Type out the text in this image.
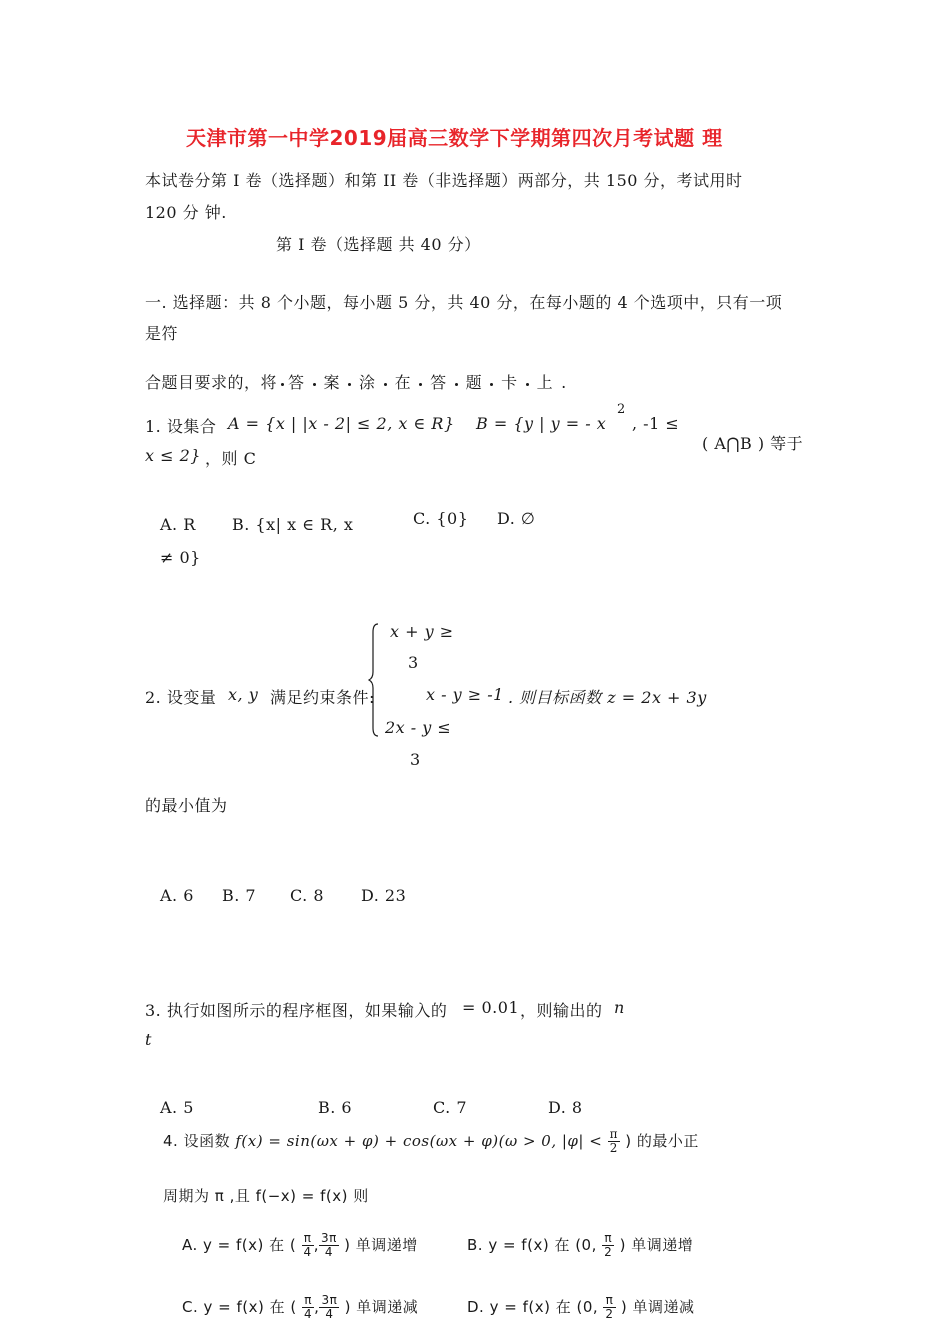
天津市第一中学2019届高三数学下学期第四次月考试题 理
本试卷分第 I 卷（选择题）和第 II 卷（非选择题）两部分，共 150 分，考试用时
120 分 钟.
第 I 卷（选择题 共 40 分）
一. 选择题：共 8 个小题，每小题 5 分，共 40 分，在每小题的 4 个选项中，只有一项
是符
合题目要求的，将 答 案 涂 在 答 题 卡 上 .
1. 设集合 A = {x | |x - 2| ≤ 2, x ∈ R} B = {y | y = - x
2
, -1 ≤
x ≤ 2} ，则 C
( A⋂B ) 等于
A. R B. {x| x ∈ R, x
≠ 0}
C. {0} D. ∅
x + y ≥
3
2. 设变量 x, y 满足约束条件:	x - y ≥ -1 . 则目标函数 z = 2x + 3y
2x - y ≤
3
的最小值为
A. 6 B. 7 C. 8 D. 23
3. 执行如图所示的程序框图，如果输入的 = 0.01 ，则输出的 n
t
A. 5	B. 6	C. 7	D. 8
4. 设函数 f(x) = sin(ωx + φ) + cos(ωx + φ)(ω > 0, $|\varphi| < \frac{\pi}{2}$ ) 的最小正
周期为 π ,且 f(−x) = f(x) 则
A. y = f(x) 在 ( $\frac{\pi}{4}$ , $\frac{3\pi}{4}$ ) 单调递增	B. y = f(x) 在 (0, $\frac{\pi}{2}$ ) 单调递增
C. y = f(x) 在 ( $\frac{\pi}{4}$ , $\frac{3\pi}{4}$ ) 单调递减	D. y = f(x) 在 (0, $\frac{\pi}{2}$ ) 单调递减
